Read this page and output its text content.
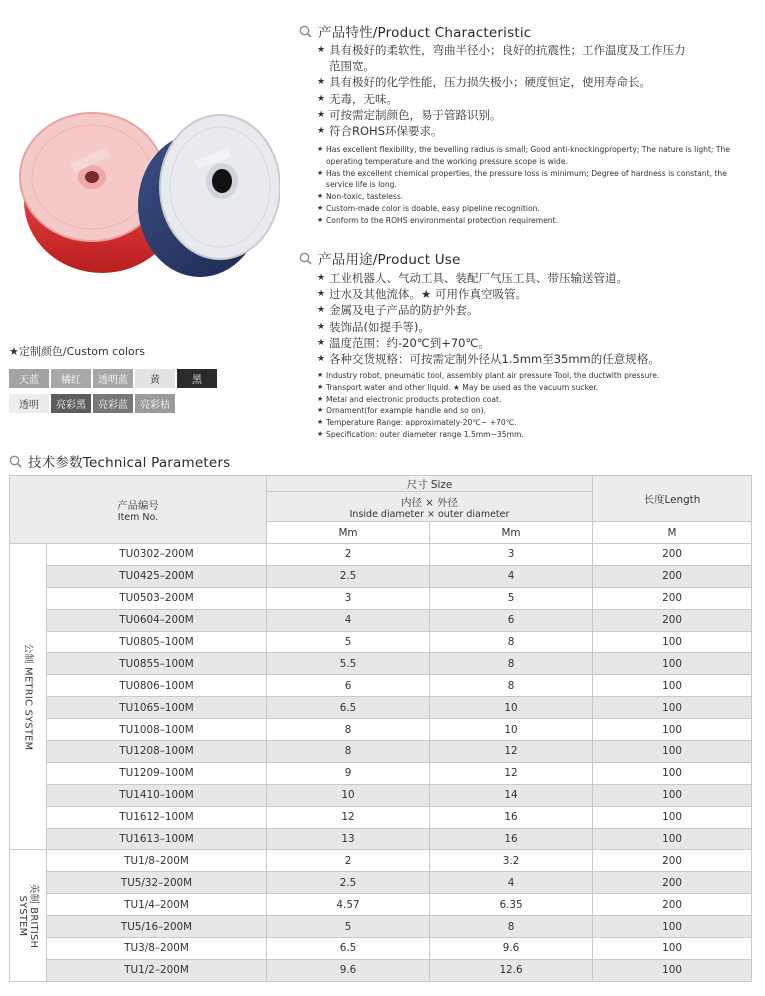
产品特性/Product Characteristic
★ 具有极好的柔软性，弯曲半径小；良好的抗震性；工作温度及工作压力范围宽。
★ 具有极好的化学性能，压力损失极小；硬度恒定，使用寿命长。
★ 无毒，无味。
★ 可按需定制颜色，易于管路识别。
★ 符合ROHS环保要求。
★ Has excellent flexibility, the bevelling radius is small; Good anti-knockingproperty; The nature is light; The operating temperature and the working pressure scope is wide.
★ Has the excellent chemical properties, the pressure loss is minimum; Degree of hardness is constant, the service life is long.
★ Non-toxic, tasteless.
★ Custom-made color is doable, easy pipeline recognition.
★ Conform to the ROHS environmental protection requirement.
产品用途/Product Use
★ 工业机器人、气动工具、装配厂气压工具、带压输送管道。
★ 过水及其他流体。★ 可用作真空吸管。
★ 金属及电子产品的防护外套。
★ 装饰品(如提手等)。
★ 温度范围：约-20℃到+70℃。
★ 各种交货规格：可按需定制外径从1.5mm至35mm的任意规格。
★ Industry robot, pneumatic tool, assembly plant air pressure Tool, the ductwith pressure.
★ Transport water and other liquid. ★ May be used as the vacuum sucker.
★ Metal and electronic products protection coat.
★ Ornament(for example handle and so on).
★ Temperature Range: approximately-20℃~ +70℃.
★ Specification: outer diameter range 1.5mm~35mm.
★定制颜色/Custom colors
天蓝	橘红	透明蓝	黄	黑
透明	亮彩黑	亮彩蓝	亮彩桔
技术参数Technical Parameters
产品编号
Item No.		尺寸 Size		长度Length

		内径 × 外径
Inside diameter × outer diameter		

		Mm	Mm	M

公制 METRIC SYSTEM	TU0302–200M	2	3	200
	TU0425–200M	2.5	4	200
	TU0503–200M	3	5	200
	TU0604–200M	4	6	200
	TU0805–100M	5	8	100
	TU0855–100M	5.5	8	100
	TU0806–100M	6	8	100
	TU1065–100M	6.5	10	100
	TU1008–100M	8	10	100
	TU1208–100M	8	12	100
	TU1209–100M	9	12	100
	TU1410–100M	10	14	100
	TU1612–100M	12	16	100
	TU1613–100M	13	16	100

英制 BRITISH
SYSTEM	TU1/8–200M	2	3.2	200
	TU5/32–200M	2.5	4	200
	TU1/4–200M	4.57	6.35	200
	TU5/16–200M	5	8	100
	TU3/8–200M	6.5	9.6	100
	TU1/2–200M	9.6	12.6	100
